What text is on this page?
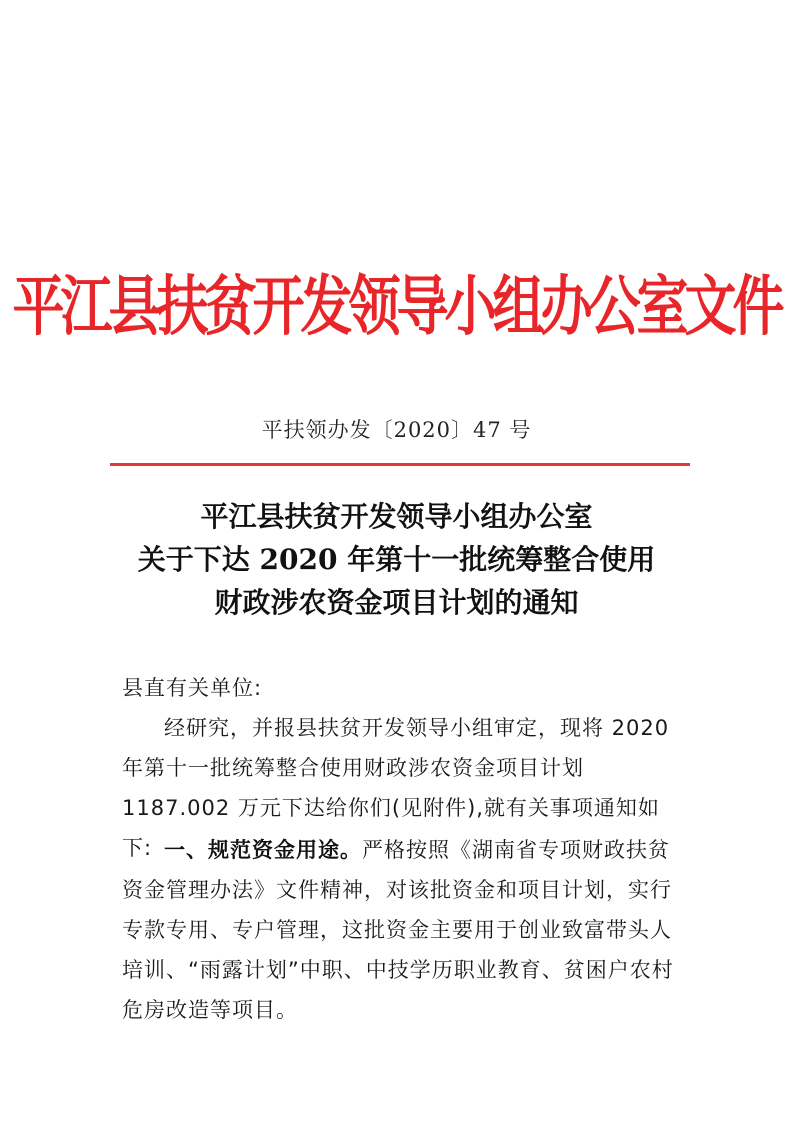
平江县扶贫开发领导小组办公室文件
平扶领办发〔2020〕47 号
平江县扶贫开发领导小组办公室
关于下达 2020 年第十一批统筹整合使用
财政涉农资金项目计划的通知

县直有关单位:

经研究，并报县扶贫开发领导小组审定，现将 2020 年第十一批统筹整合使用财政涉农资金项目计划 1187.002 万元下达给你们(见附件),就有关事项通知如下: 一、规范资金用途。严格按照《湖南省专项财政扶贫资金管理办法》文件精神，对该批资金和项目计划，实行专款专用、专户管理，这批资金主要用于创业致富带头人培训、“雨露计划”中职、中技学历职业教育、贫困户农村危房改造等项目。
